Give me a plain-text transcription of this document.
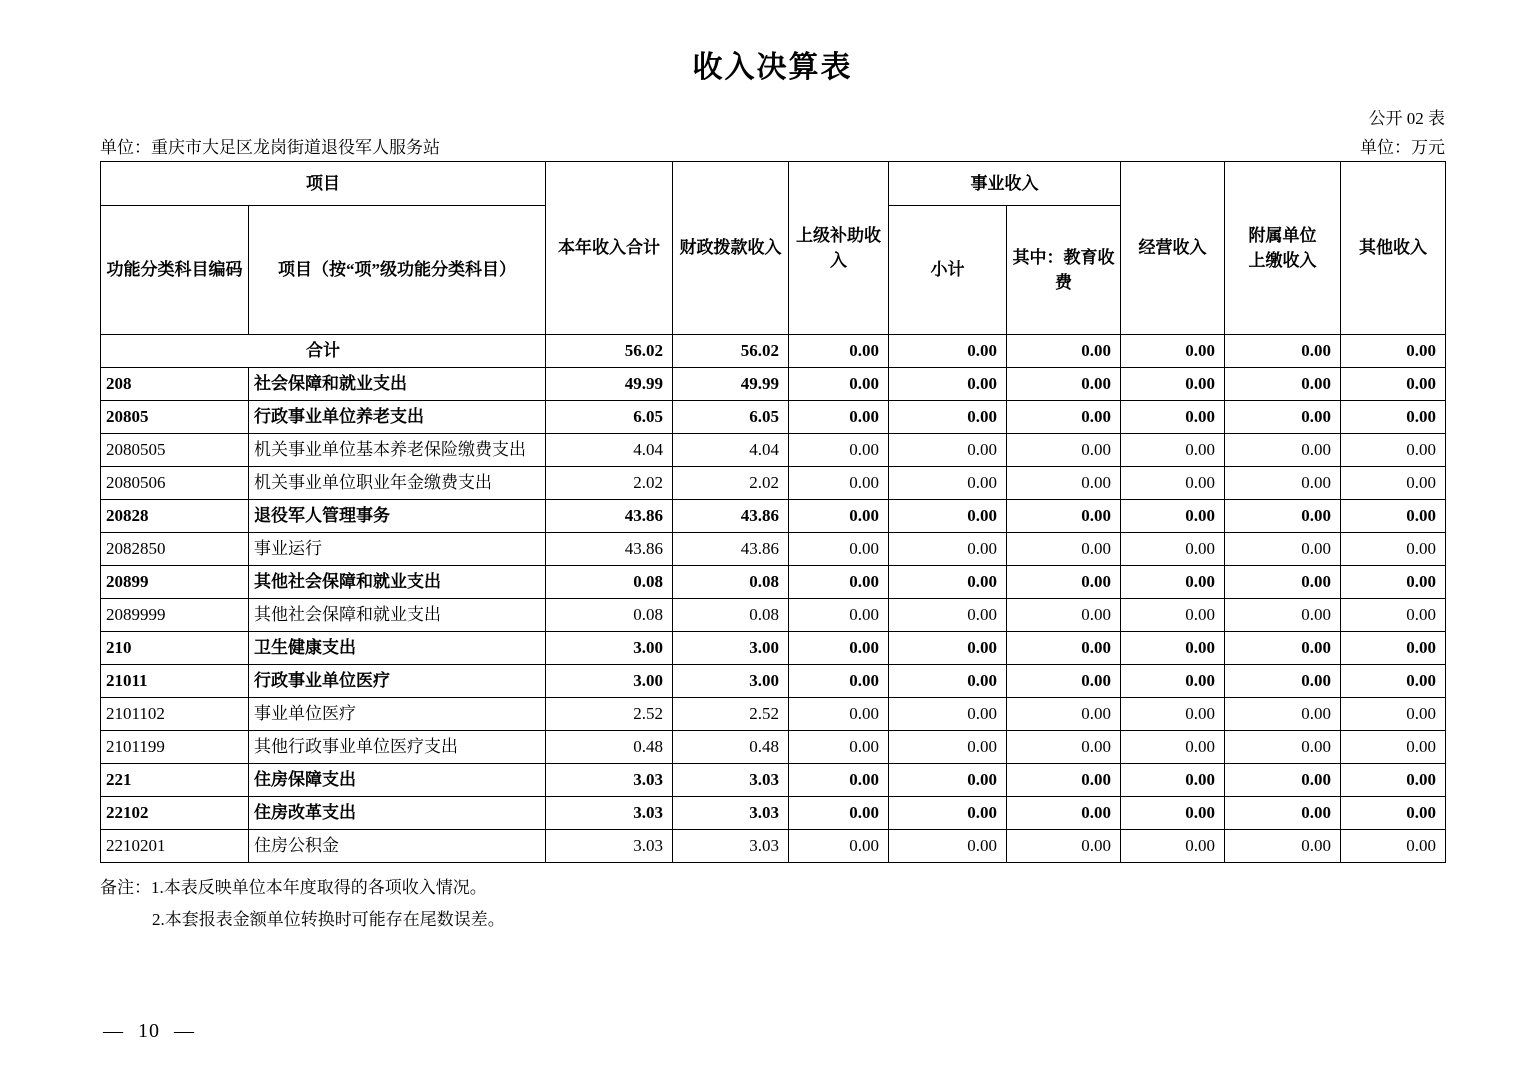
收入决算表
公开 02 表
单位：重庆市大足区龙岗街道退役军人服务站	单位：万元
项目		本年收入合计	财政拨款收入	上级补助收入	事业收入		经营收入	附属单位上缴收入	其他收入
功能分类科目编码	项目（按“项”级功能分类科目）				小计	其中：教育收费			
合计		56.02	56.02	0.00	0.00	0.00	0.00	0.00	0.00
208	社会保障和就业支出	49.99	49.99	0.00	0.00	0.00	0.00	0.00	0.00
20805	行政事业单位养老支出	6.05	6.05	0.00	0.00	0.00	0.00	0.00	0.00
2080505	机关事业单位基本养老保险缴费支出	4.04	4.04	0.00	0.00	0.00	0.00	0.00	0.00
2080506	机关事业单位职业年金缴费支出	2.02	2.02	0.00	0.00	0.00	0.00	0.00	0.00
20828	退役军人管理事务	43.86	43.86	0.00	0.00	0.00	0.00	0.00	0.00
2082850	事业运行	43.86	43.86	0.00	0.00	0.00	0.00	0.00	0.00
20899	其他社会保障和就业支出	0.08	0.08	0.00	0.00	0.00	0.00	0.00	0.00
2089999	其他社会保障和就业支出	0.08	0.08	0.00	0.00	0.00	0.00	0.00	0.00
210	卫生健康支出	3.00	3.00	0.00	0.00	0.00	0.00	0.00	0.00
21011	行政事业单位医疗	3.00	3.00	0.00	0.00	0.00	0.00	0.00	0.00
2101102	事业单位医疗	2.52	2.52	0.00	0.00	0.00	0.00	0.00	0.00
2101199	其他行政事业单位医疗支出	0.48	0.48	0.00	0.00	0.00	0.00	0.00	0.00
221	住房保障支出	3.03	3.03	0.00	0.00	0.00	0.00	0.00	0.00
22102	住房改革支出	3.03	3.03	0.00	0.00	0.00	0.00	0.00	0.00
2210201	住房公积金	3.03	3.03	0.00	0.00	0.00	0.00	0.00	0.00
备注：1.本表反映单位本年度取得的各项收入情况。
2.本套报表金额单位转换时可能存在尾数误差。
— 10 —
